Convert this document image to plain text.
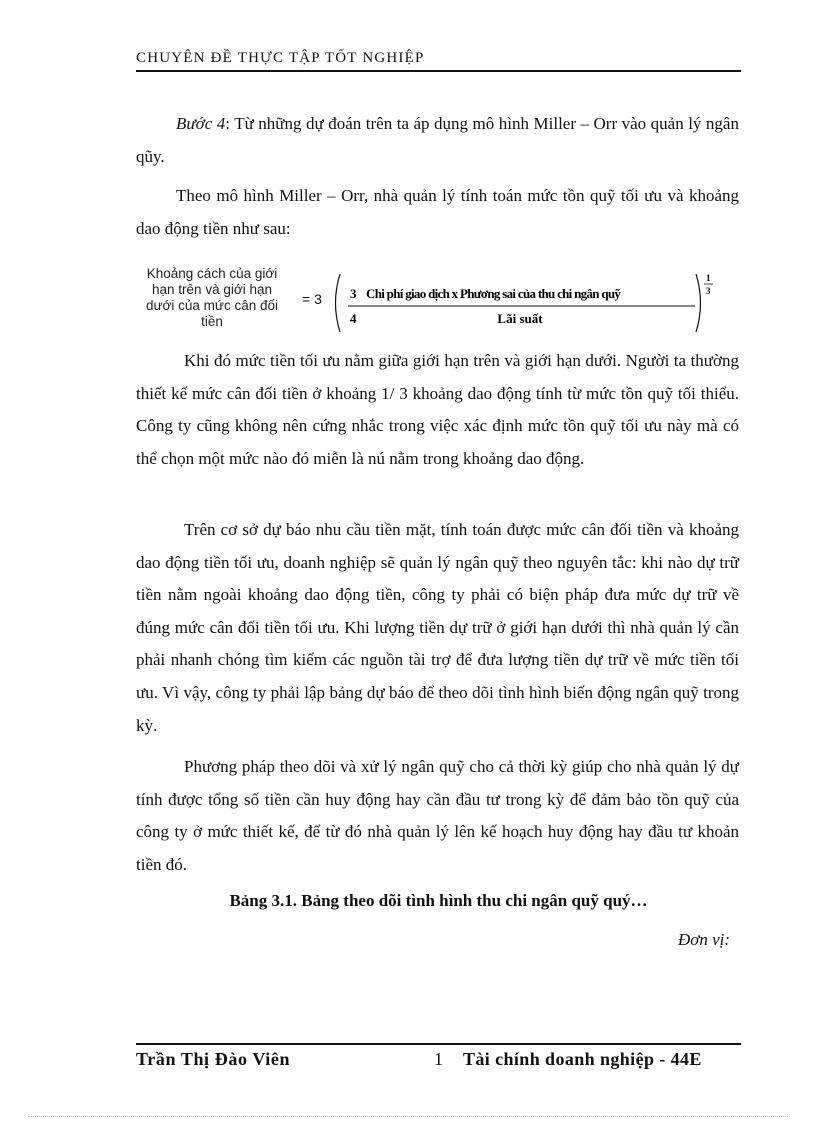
CHUYÊN ĐỀ THỰC TẬP TỐT NGHIỆP

Bước 4: Từ những dự đoán trên ta áp dụng mô hình Miller – Orr vào quản lý ngân qũy.

Theo mô hình Miller – Orr, nhà quản lý tính toán mức tồn quỹ tối ưu và khoảng dao động tiền như sau:

Khoảng cách của giới hạn trên và giới hạn dưới của mức cân đối tiền
= 3 3
4
Chi phí giao dịch x Phương sai của thu chi ngân quỹ
Lãi suất
1
3

Khi đó mức tiền tối ưu nằm giữa giới hạn trên và giới hạn dưới. Người ta thường thiết kế mức cân đối tiền ở khoảng 1/ 3 khoảng dao động tính từ mức tồn quỹ tối thiểu. Công ty cũng không nên cứng nhắc trong việc xác định mức tồn quỹ tối ưu này mà có thể chọn một mức nào đó miễn là nú nằm trong khoảng dao động.

Trên cơ sở dự báo nhu cầu tiền mặt, tính toán được mức cân đối tiền và khoảng dao động tiền tối ưu, doanh nghiệp sẽ quản lý ngân quỹ theo nguyên tắc: khi nào dự trữ tiền nằm ngoài khoảng dao động tiền, công ty phải có biện pháp đưa mức dự trữ về đúng mức cân đối tiền tối ưu. Khi lượng tiền dự trữ ở giới hạn dưới thì nhà quản lý cần phải nhanh chóng tìm kiếm các nguồn tài trợ để đưa lượng tiền dự trữ về mức tiền tối ưu. Vì vậy, công ty phải lập bảng dự báo để theo dõi tình hình biến động ngân quỹ trong kỳ.

Phương pháp theo dõi và xử lý ngân quỹ cho cả thời kỳ giúp cho nhà quản lý dự tính được tổng số tiền cần huy động hay cần đầu tư trong kỳ để đảm bảo tồn quỹ của công ty ở mức thiết kế, để từ đó nhà quản lý lên kế hoạch huy động hay đầu tư khoản tiền đó.

Bảng 3.1. Bảng theo dõi tình hình thu chi ngân quỹ quý…
Đơn vị:
Trần Thị Đào Viên	1 Tài chính doanh nghiệp - 44E
